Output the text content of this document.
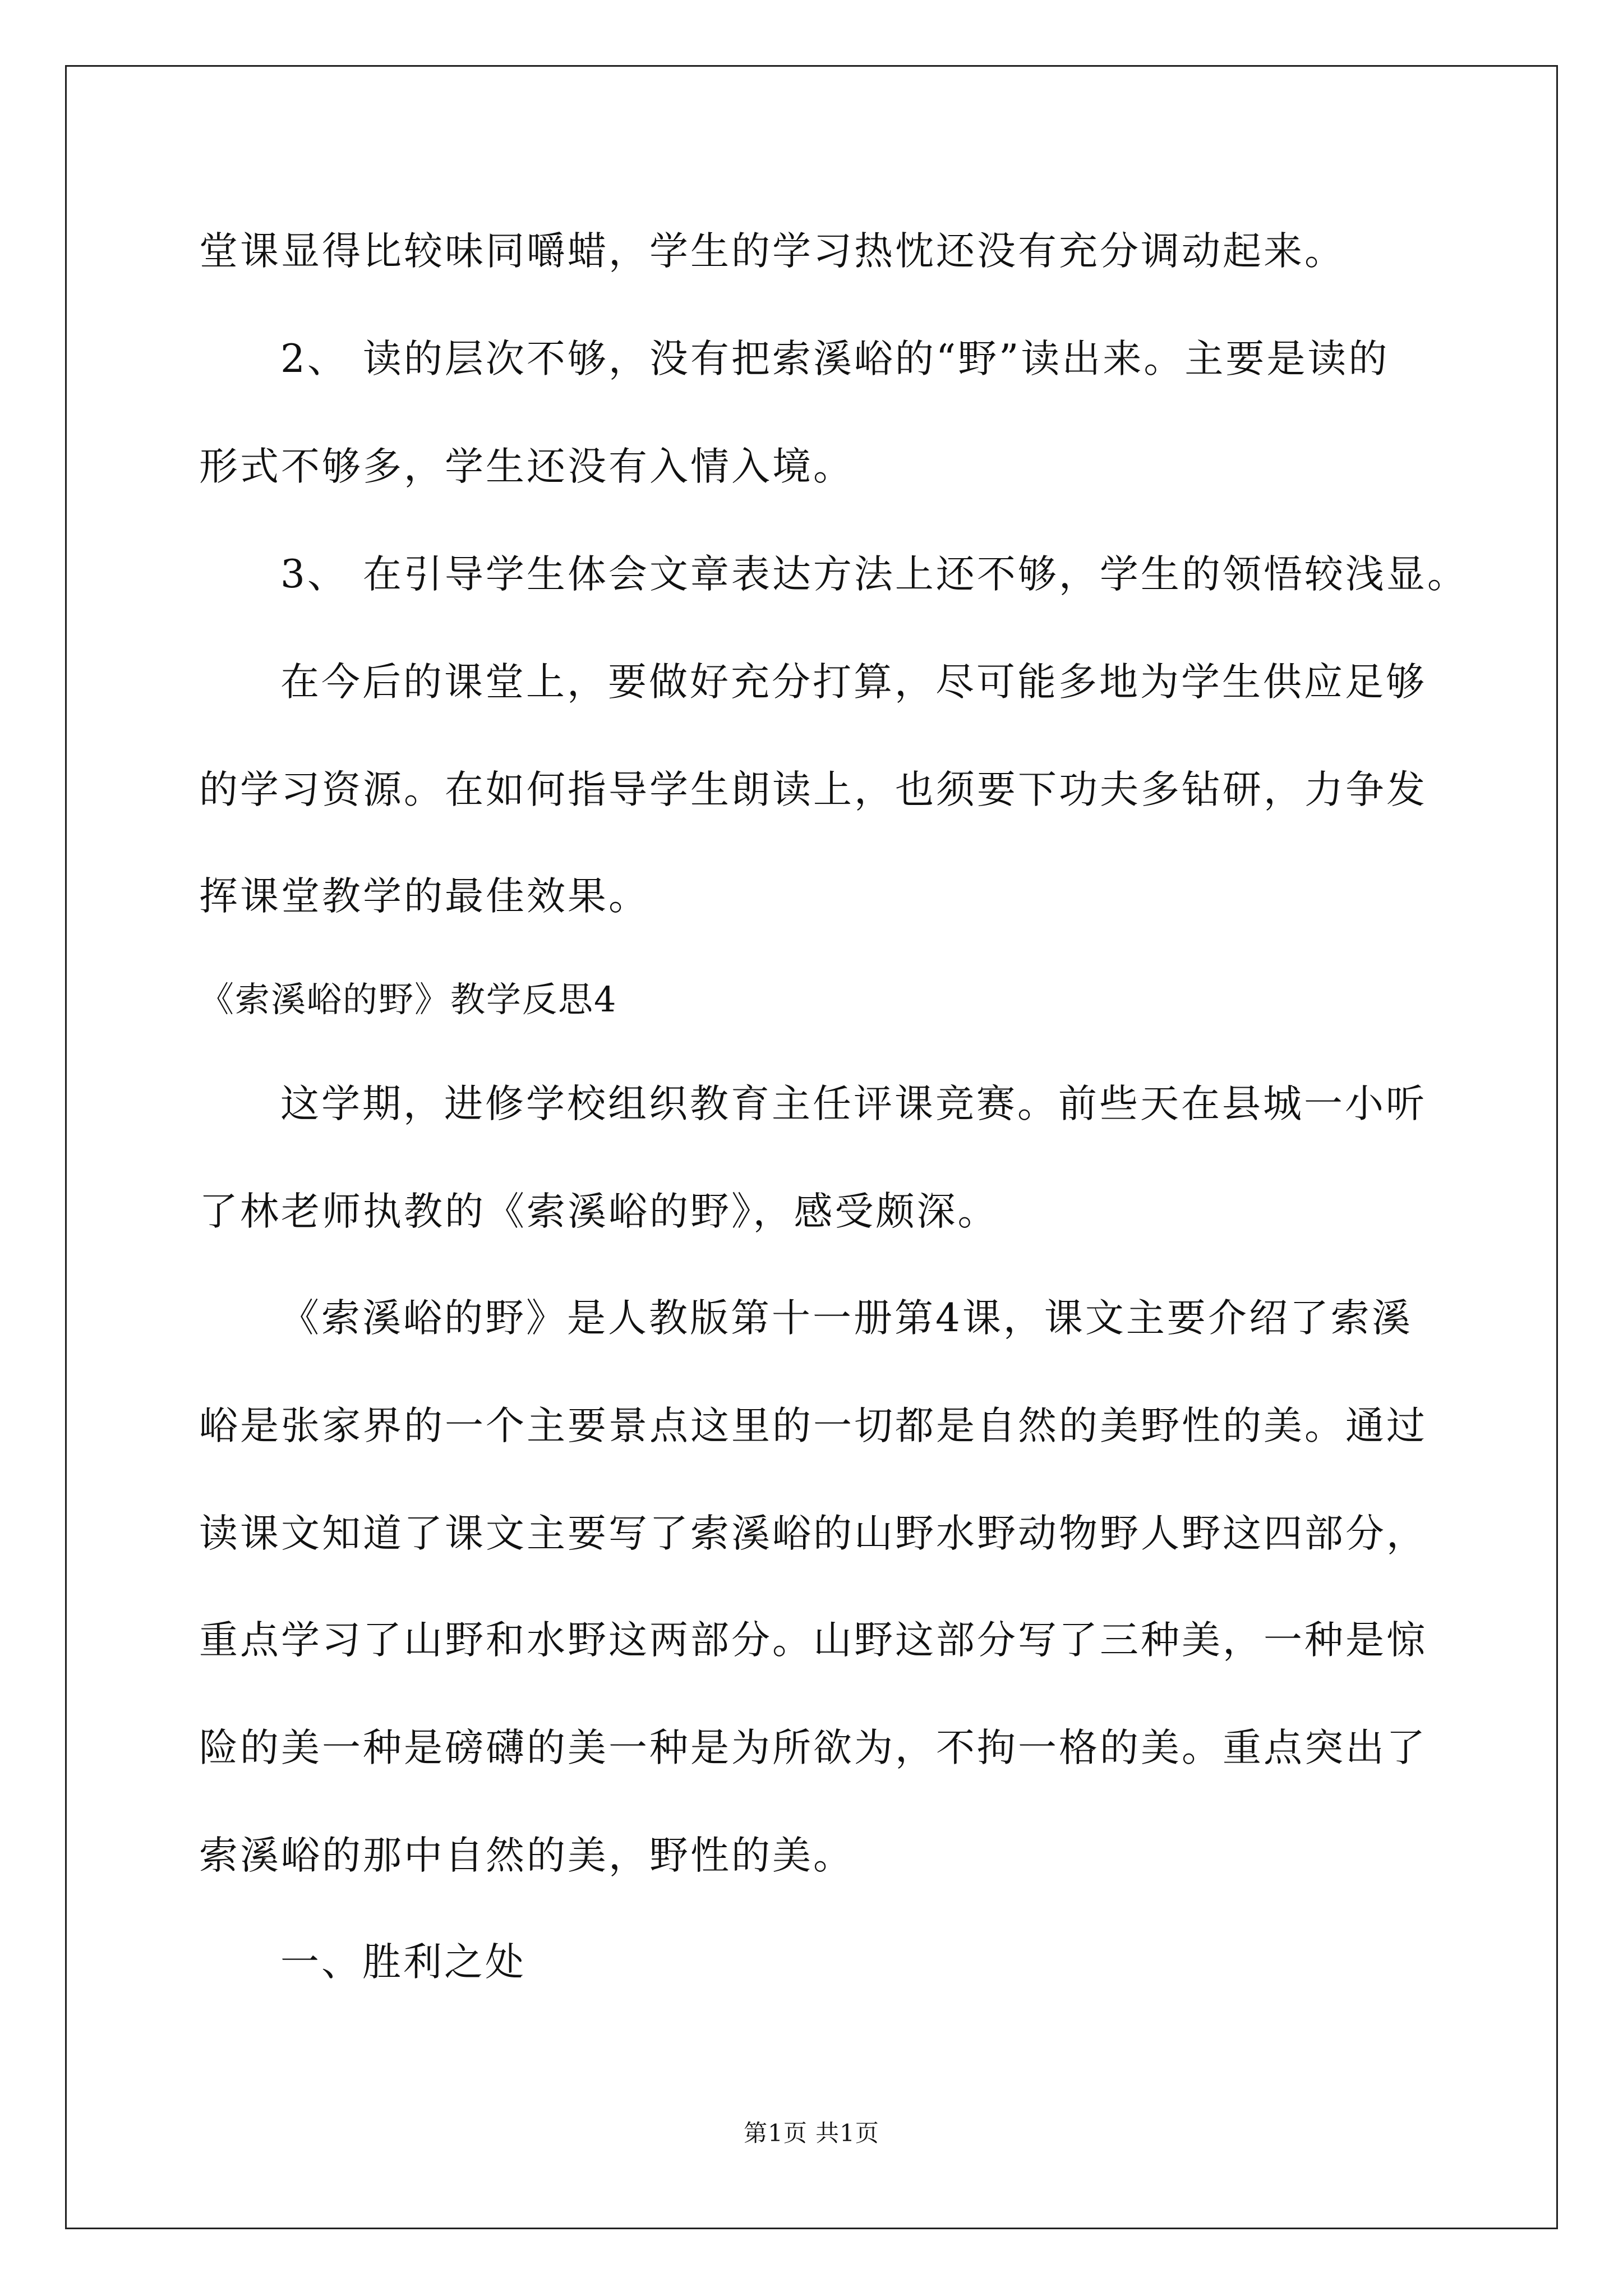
堂课显得比较味同嚼蜡，学生的学习热忱还没有充分调动起来。
2、 读的层次不够，没有把索溪峪的“野”读出来。主要是读的
形式不够多，学生还没有入情入境。
3、 在引导学生体会文章表达方法上还不够，学生的领悟较浅显。
在今后的课堂上，要做好充分打算，尽可能多地为学生供应足够
的学习资源。在如何指导学生朗读上，也须要下功夫多钻研，力争发
挥课堂教学的最佳效果。
《索溪峪的野》教学反思4
这学期，进修学校组织教育主任评课竞赛。前些天在县城一小听
了林老师执教的《索溪峪的野》，感受颇深。
《索溪峪的野》是人教版第十一册第4课，课文主要介绍了索溪
峪是张家界的一个主要景点这里的一切都是自然的美野性的美。通过
读课文知道了课文主要写了索溪峪的山野水野动物野人野这四部分，
重点学习了山野和水野这两部分。山野这部分写了三种美，一种是惊
险的美一种是磅礴的美一种是为所欲为，不拘一格的美。重点突出了
索溪峪的那中自然的美，野性的美。
一、胜利之处
第1页 共1页
